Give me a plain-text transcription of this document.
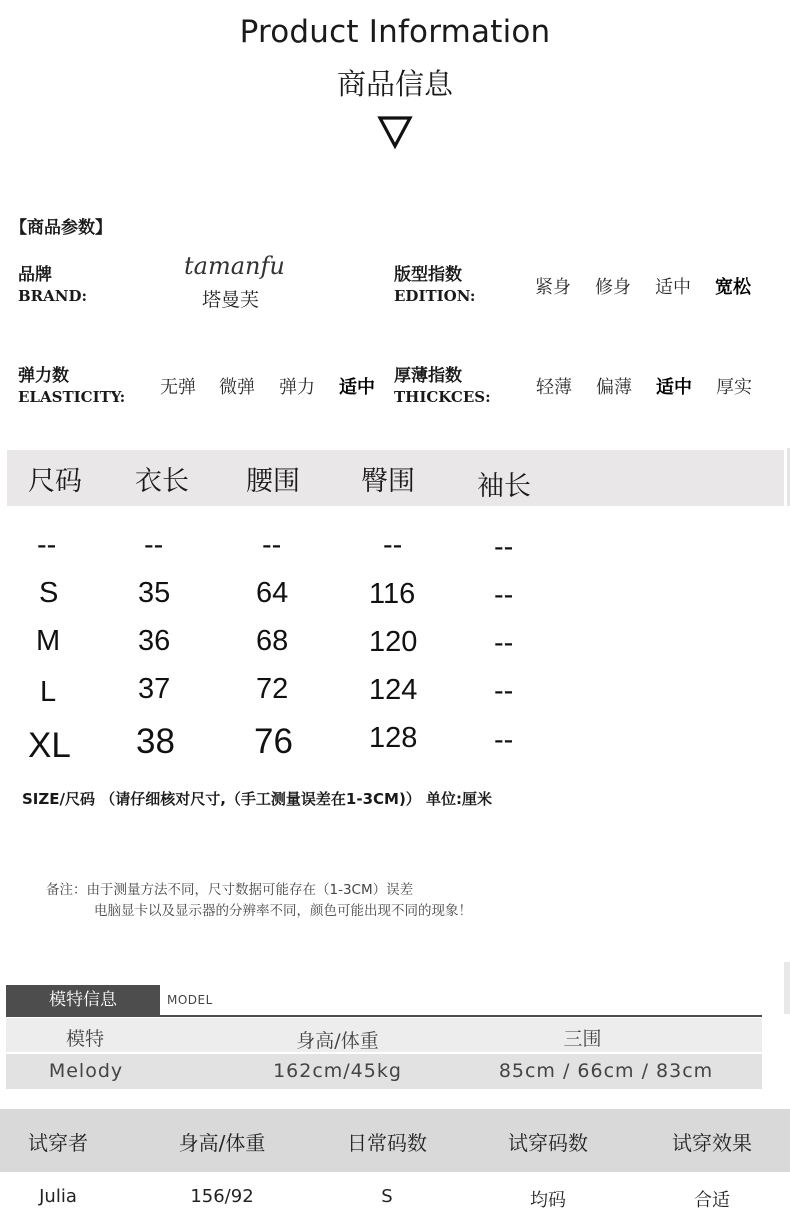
Product Information
商品信息
【商品参数】
品牌
BRAND:
tamanfu
塔曼芙
版型指数
EDITION:	紧身 修身 适中 宽松
弹力数
ELASTICITY: 无弹 微弹 弹力 适中
厚薄指数
THICKCES:	轻薄 偏薄 适中 厚实
尺码 衣长 腰围 臀围 袖长
--	--	--	--	--
S	35	64	116	--
M	36	68	120	--
L	37	72	124	--
XL 38 76	128	--
SIZE/尺码 （请仔细核对尺寸,（手工测量误差在1-3CM)） 单位:厘米
备注：由于测量方法不同，尺寸数据可能存在（1-3CM）误差
电脑显卡以及显示器的分辨率不同，颜色可能出现不同的现象！
模特信息	MODEL
模特	身高/体重	三围
Melody	162cm/45kg	85cm / 66cm / 83cm
试穿者	身高/体重	日常码数	试穿码数	试穿效果
Julia	156/92	S	均码	合适
